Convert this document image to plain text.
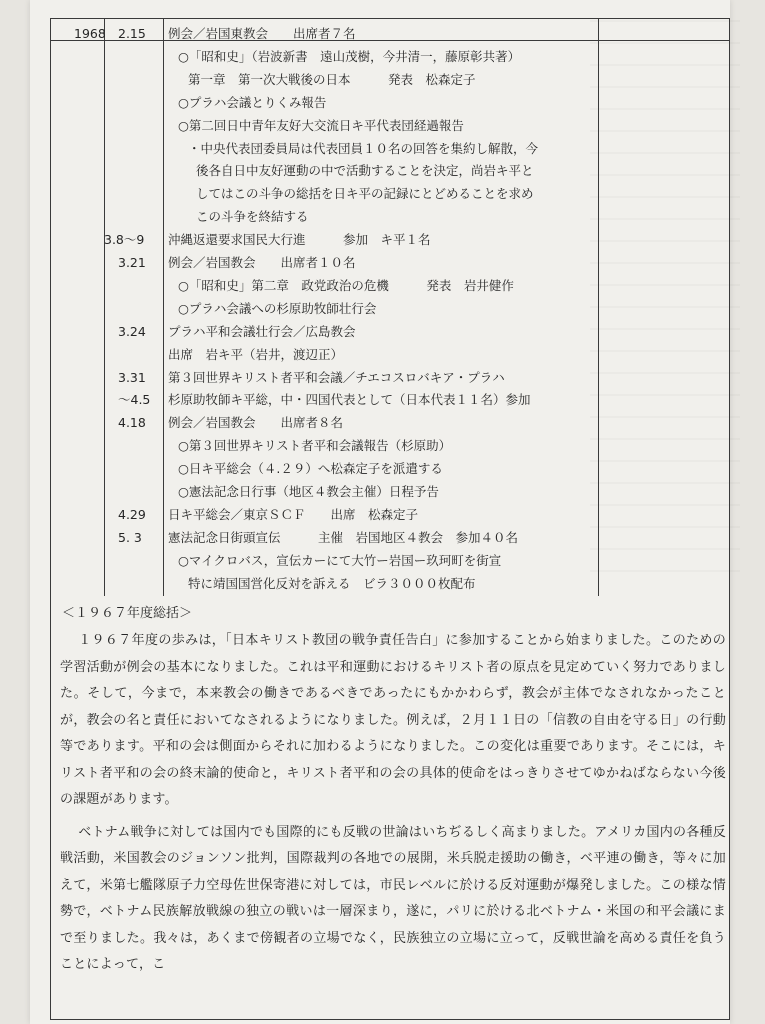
1968 2.15	例会／岩国東教会　　出席者７名
○「昭和史」（岩波新書　遠山茂樹，今井清一，藤原彰共著）
第一章　第一次大戦後の日本　　　発表　松森定子
○プラハ会議とりくみ報告
○第二回日中青年友好大交流日キ平代表団経過報告
・中央代表団委員局は代表団員１０名の回答を集約し解散，今
後各自日中友好運動の中で活動することを決定，尚岩キ平と
してはこの斗争の総括を日キ平の記録にとどめることを求め
この斗争を終結する
3.8〜9	沖縄返還要求国民大行進　　　参加　キ平１名
3.21	例会／岩国教会　　出席者１０名
○「昭和史」第二章　政党政治の危機　　　発表　岩井健作
○プラハ会議への杉原助牧師壮行会
3.24	プラハ平和会議壮行会／広島教会
出席　岩キ平（岩井，渡辺正）
3.31	第３回世界キリスト者平和会議／チエコスロバキア・プラハ
〜4.5	杉原助牧師キ平総，中・四国代表として（日本代表１１名）参加
4.18	例会／岩国教会　　出席者８名
○第３回世界キリスト者平和会議報告（杉原助）
○日キ平総会（４.２９）へ松森定子を派遣する
○憲法記念日行事（地区４教会主催）日程予告
4.29	日キ平総会／東京ＳＣＦ　　出席　松森定子
5. 3	憲法記念日街頭宣伝　　　主催　岩国地区４教会　参加４０名
○マイクロバス，宣伝カーにて大竹ー岩国ー玖珂町を街宣
特に靖国国営化反対を訴える　ビラ３０００枚配布
＜１９６７年度総括＞

１９６７年度の歩みは，「日本キリスト教団の戦争責任告白」に参加することから始まりました。このための学習活動が例会の基本になりました。これは平和運動におけるキリスト者の原点を見定めていく努力でありました。そして，今まで，本来教会の働きであるべきであったにもかかわらず，教会が主体でなされなかったことが，教会の名と責任においてなされるようになりました。例えば，２月１１日の「信教の自由を守る日」の行動等であります。平和の会は側面からそれに加わるようになりました。この変化は重要であります。そこには，キリスト者平和の会の終末論的使命と，キリスト者平和の会の具体的使命をはっきりさせてゆかねばならない今後の課題があります。

ベトナム戦争に対しては国内でも国際的にも反戦の世論はいちぢるしく高まりました。アメリカ国内の各種反戦活動，米国教会のジョンソン批判，国際裁判の各地での展開，米兵脱走援助の働き，ベ平連の働き，等々に加えて，米第七艦隊原子力空母佐世保寄港に対しては，市民レベルに於ける反対運動が爆発しました。この様な情勢で，ベトナム民族解放戦線の独立の戦いは一層深まり，遂に，パリに於ける北ベトナム・米国の和平会議にまで至りました。我々は，あくまで傍観者の立場でなく，民族独立の立場に立って，反戦世論を高める責任を負うことによって，こ
